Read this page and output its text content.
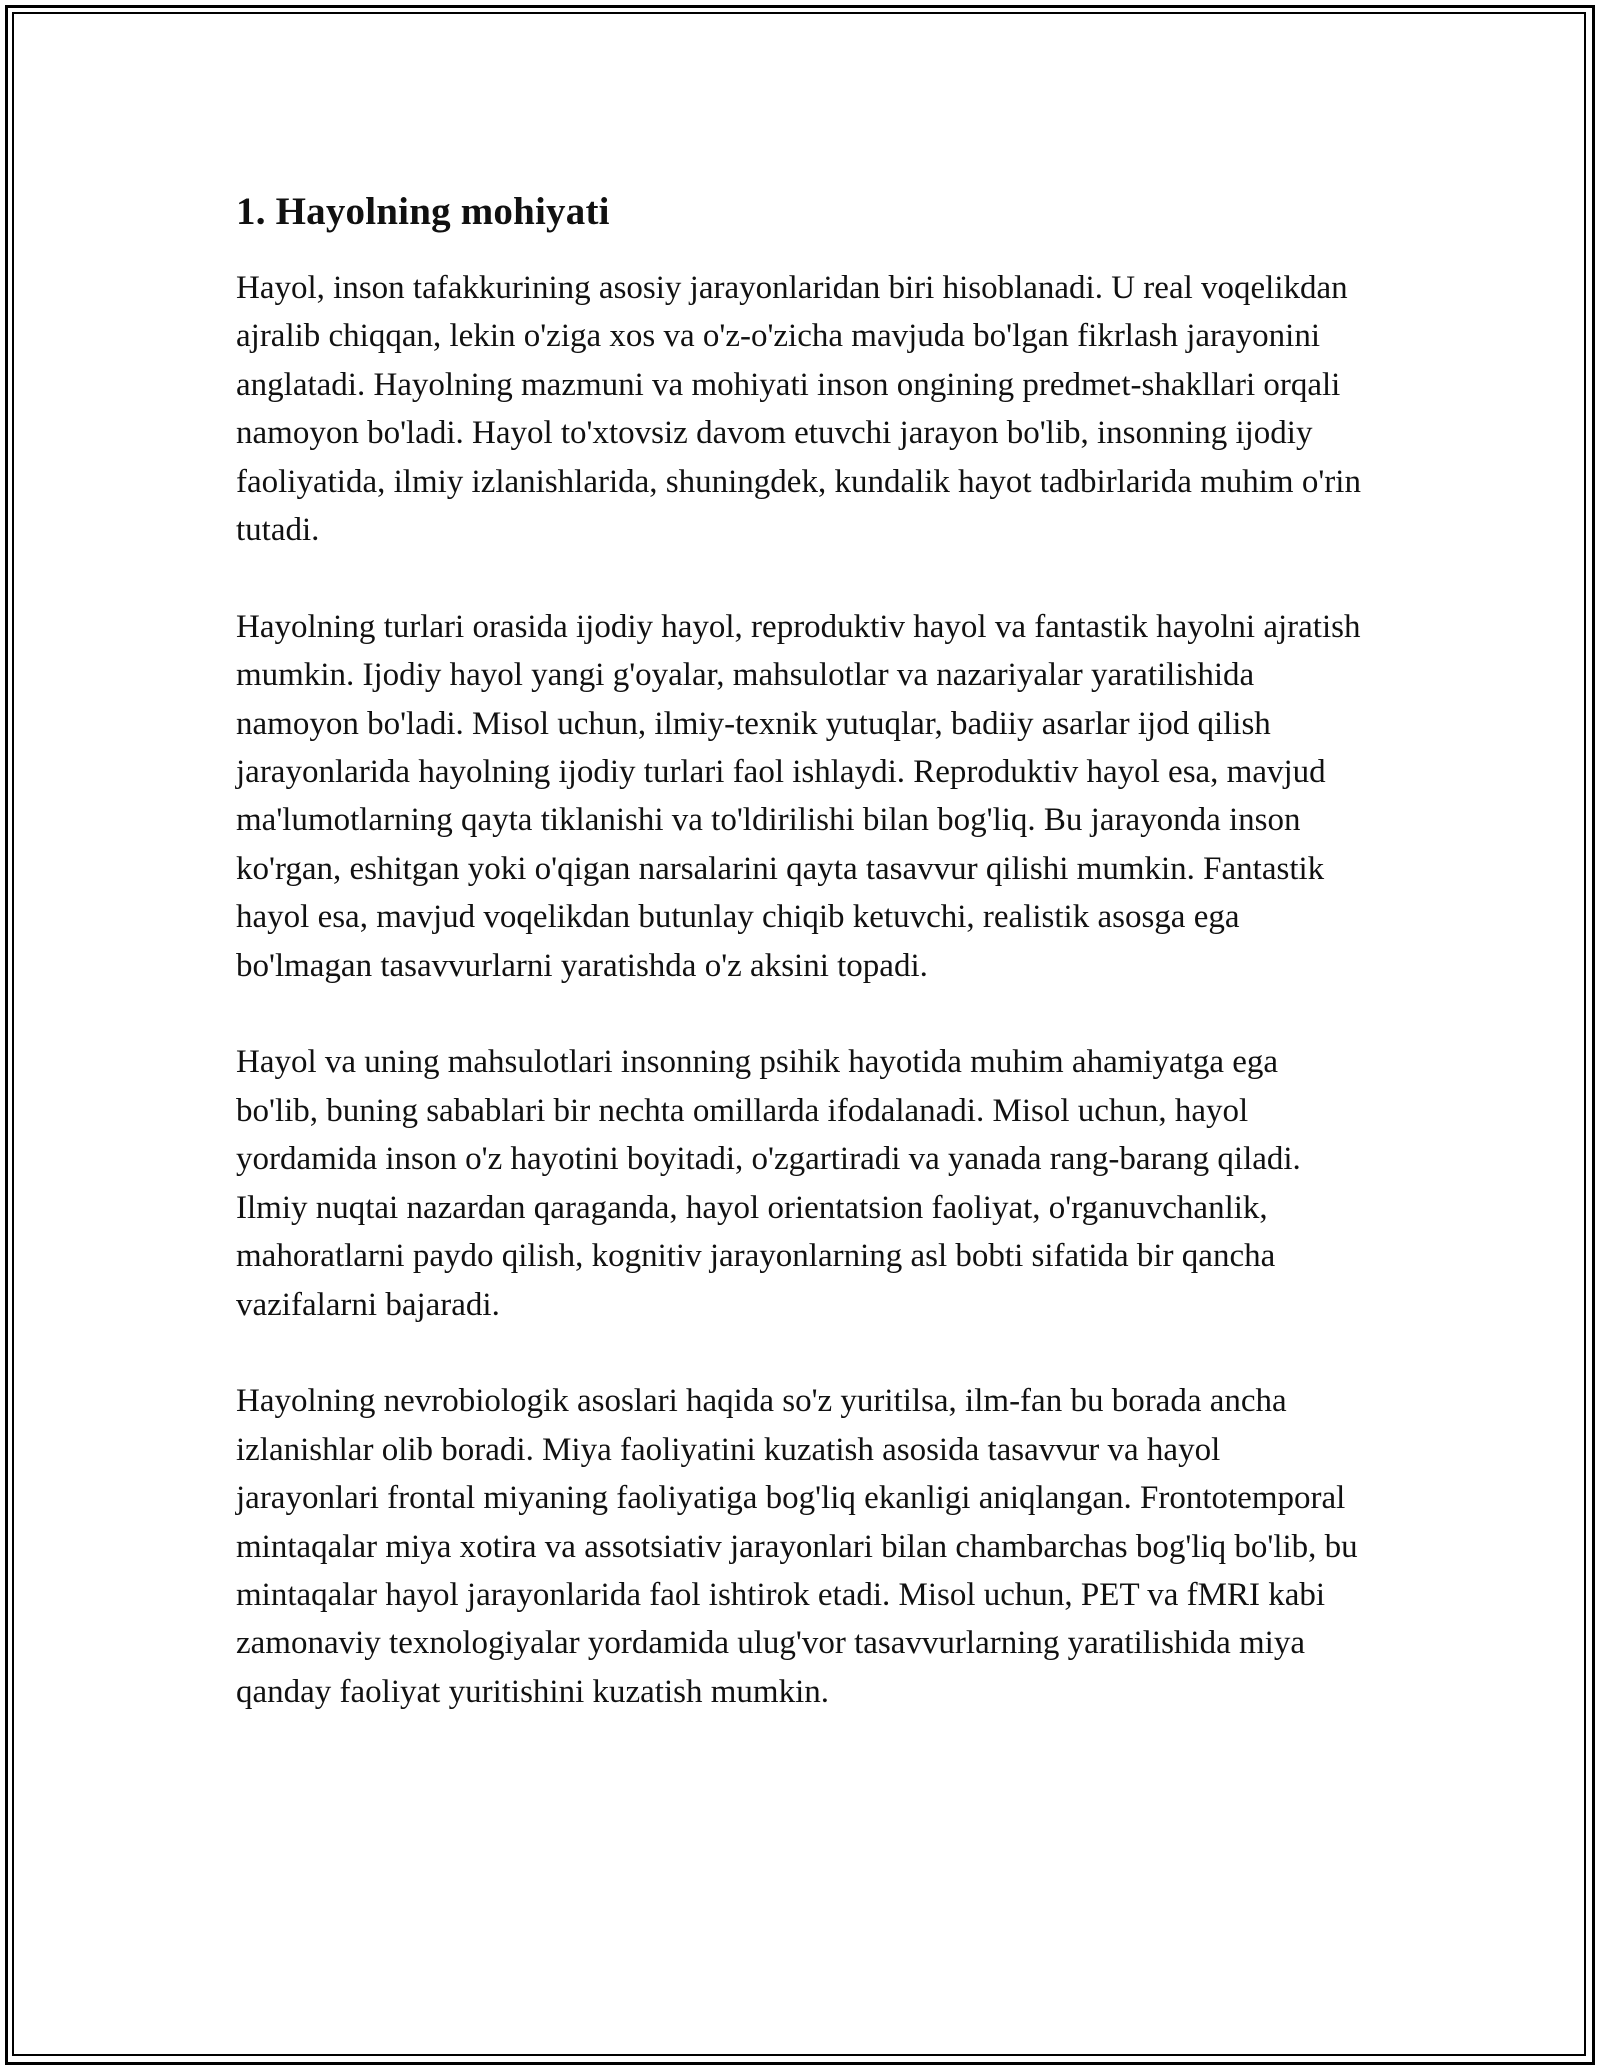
1. Hayolning mohiyati

Hayol, inson tafakkurining asosiy jarayonlaridan biri hisoblanadi. U real voqelikdan ajralib chiqqan, lekin o'ziga xos va o'z-o'zicha mavjuda bo'lgan fikrlash jarayonini anglatadi. Hayolning mazmuni va mohiyati inson ongining predmet-shakllari orqali namoyon bo'ladi. Hayol to'xtovsiz davom etuvchi jarayon bo'lib, insonning ijodiy faoliyatida, ilmiy izlanishlarida, shuningdek, kundalik hayot tadbirlarida muhim o'rin tutadi.

Hayolning turlari orasida ijodiy hayol, reproduktiv hayol va fantastik hayolni ajratish mumkin. Ijodiy hayol yangi g'oyalar, mahsulotlar va nazariyalar yaratilishida namoyon bo'ladi. Misol uchun, ilmiy-texnik yutuqlar, badiiy asarlar ijod qilish jarayonlarida hayolning ijodiy turlari faol ishlaydi. Reproduktiv hayol esa, mavjud ma'lumotlarning qayta tiklanishi va to'ldirilishi bilan bog'liq. Bu jarayonda inson ko'rgan, eshitgan yoki o'qigan narsalarini qayta tasavvur qilishi mumkin. Fantastik hayol esa, mavjud voqelikdan butunlay chiqib ketuvchi, realistik asosga ega bo'lmagan tasavvurlarni yaratishda o'z aksini topadi.

Hayol va uning mahsulotlari insonning psihik hayotida muhim ahamiyatga ega bo'lib, buning sabablari bir nechta omillarda ifodalanadi. Misol uchun, hayol yordamida inson o'z hayotini boyitadi, o'zgartiradi va yanada rang-barang qiladi. Ilmiy nuqtai nazardan qaraganda, hayol orientatsion faoliyat, o'rganuvchanlik, mahoratlarni paydo qilish, kognitiv jarayonlarning asl bobti sifatida bir qancha vazifalarni bajaradi.

Hayolning nevrobiologik asoslari haqida so'z yuritilsa, ilm-fan bu borada ancha izlanishlar olib boradi. Miya faoliyatini kuzatish asosida tasavvur va hayol jarayonlari frontal miyaning faoliyatiga bog'liq ekanligi aniqlangan. Frontotemporal mintaqalar miya xotira va assotsiativ jarayonlari bilan chambarchas bog'liq bo'lib, bu mintaqalar hayol jarayonlarida faol ishtirok etadi. Misol uchun, PET va fMRI kabi zamonaviy texnologiyalar yordamida ulug'vor tasavvurlarning yaratilishida miya qanday faoliyat yuritishini kuzatish mumkin.
